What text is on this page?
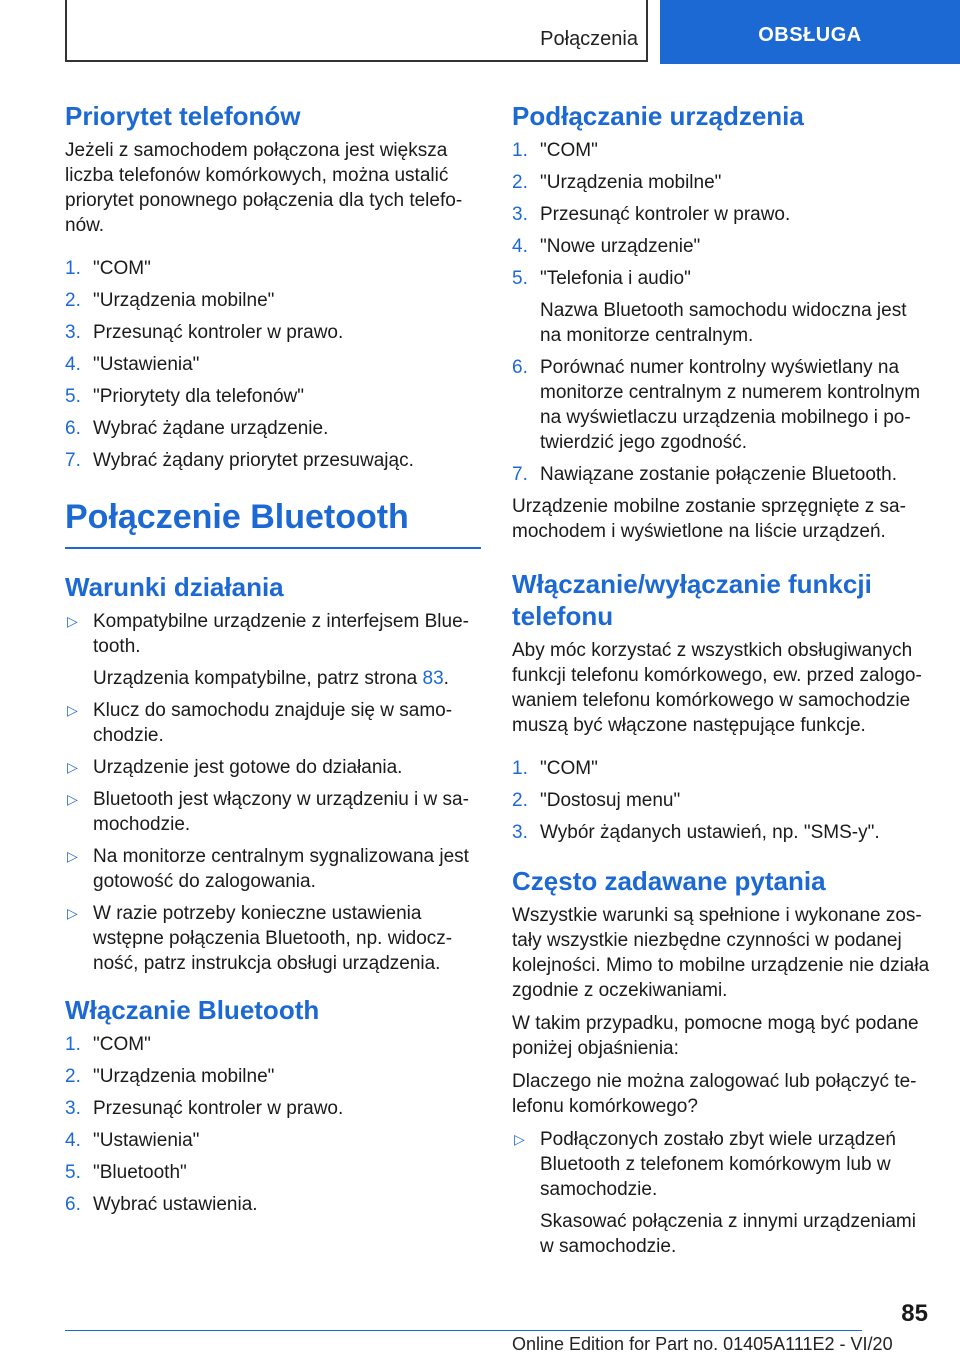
Połączenia	OBSŁUGA
Priorytet telefonów

Jeżeli z samochodem połączona jest większa liczba telefonów komórkowych, można ustalić priorytet ponownego połączenia dla tych telefonów.

1. "COM"
2. "Urządzenia mobilne"
3. Przesunąć kontroler w prawo.
4. "Ustawienia"
5. "Priorytety dla telefonów"
6. Wybrać żądane urządzenie.
7. Wybrać żądany priorytet przesuwając.
Połączenie Bluetooth
Warunki działania
▷ Kompatybilne urządzenie z interfejsem Bluetooth.
Urządzenia kompatybilne, patrz strona 83.
▷ Klucz do samochodu znajduje się w samochodzie.
▷ Urządzenie jest gotowe do działania.
▷ Bluetooth jest włączony w urządzeniu i w samochodzie.
▷ Na monitorze centralnym sygnalizowana jest gotowość do zalogowania.
▷ W razie potrzeby konieczne ustawienia wstępne połączenia Bluetooth, np. widoczność, patrz instrukcja obsługi urządzenia.
Włączanie Bluetooth
1. "COM"
2. "Urządzenia mobilne"
3. Przesunąć kontroler w prawo.
4. "Ustawienia"
5. "Bluetooth"
6. Wybrać ustawienia.
Podłączanie urządzenia
1. "COM"
2. "Urządzenia mobilne"
3. Przesunąć kontroler w prawo.
4. "Nowe urządzenie"
5. "Telefonia i audio"
Nazwa Bluetooth samochodu widoczna jest na monitorze centralnym.
6. Porównać numer kontrolny wyświetlany na monitorze centralnym z numerem kontrolnym na wyświetlaczu urządzenia mobilnego i potwierdzić jego zgodność.
7. Nawiązane zostanie połączenie Bluetooth.

Urządzenie mobilne zostanie sprzęgnięte z samochodem i wyświetlone na liście urządzeń.

Włączanie/wyłączanie funkcji telefonu

Aby móc korzystać z wszystkich obsługiwanych funkcji telefonu komórkowego, ew. przed zalogowaniem telefonu komórkowego w samochodzie muszą być włączone następujące funkcje.

1. "COM"
2. "Dostosuj menu"
3. Wybór żądanych ustawień, np. "SMS-y".
Często zadawane pytania

Wszystkie warunki są spełnione i wykonane zostały wszystkie niezbędne czynności w podanej kolejności. Mimo to mobilne urządzenie nie działa zgodnie z oczekiwaniami.

W takim przypadku, pomocne mogą być podane poniżej objaśnienia:

Dlaczego nie można zalogować lub połączyć telefonu komórkowego?

▷ Podłączonych zostało zbyt wiele urządzeń Bluetooth z telefonem komórkowym lub w samochodzie.
Skasować połączenia z innymi urządzeniami w samochodzie.
85
Online Edition for Part no. 01405A111E2 - VI/20
